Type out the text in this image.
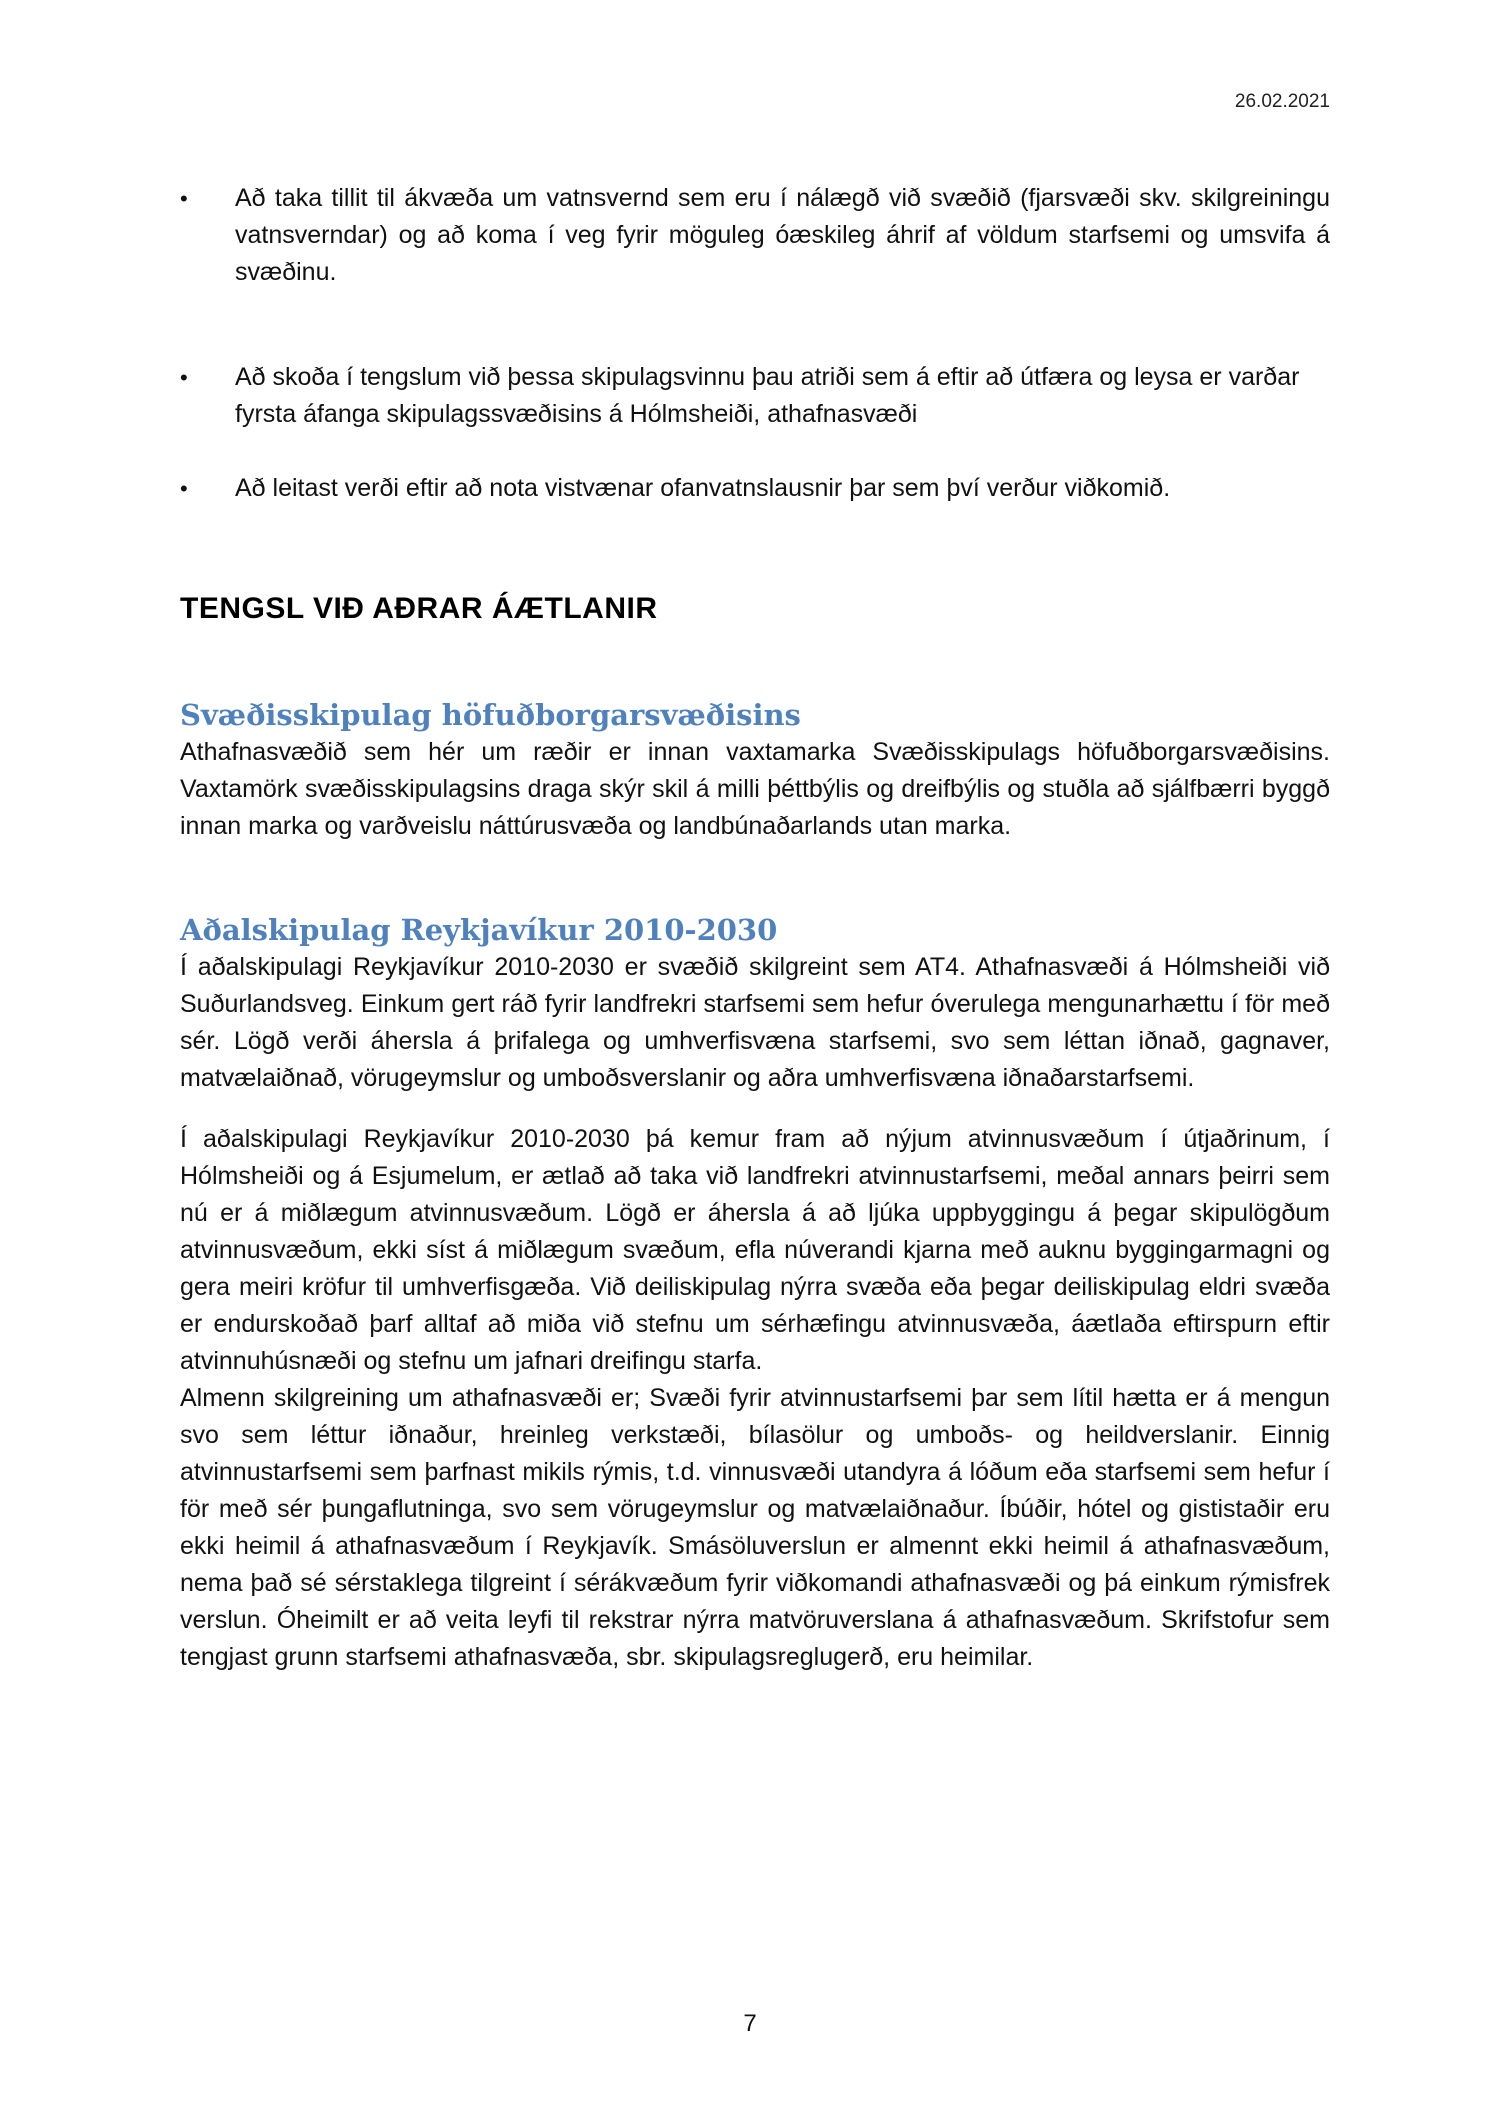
26.02.2021
•	Að taka tillit til ákvæða um vatnsvernd sem eru í nálægð við svæðið (fjarsvæði skv. skilgreiningu vatnsverndar) og að koma í veg fyrir möguleg óæskileg áhrif af völdum starfsemi og umsvifa á svæðinu.
•	Að skoða í tengslum við þessa skipulagsvinnu þau atriði sem á eftir að útfæra og leysa er varðar fyrsta áfanga skipulagssvæðisins á Hólmsheiði, athafnasvæði
•	Að leitast verði eftir að nota vistvænar ofanvatnslausnir þar sem því verður viðkomið.
TENGSL VIÐ AÐRAR ÁÆTLANIR
Svæðisskipulag höfuðborgarsvæðisins

Athafnasvæðið sem hér um ræðir er innan vaxtamarka Svæðisskipulags höfuðborgarsvæðisins. Vaxtamörk svæðisskipulagsins draga skýr skil á milli þéttbýlis og dreifbýlis og stuðla að sjálfbærri byggð innan marka og varðveislu náttúrusvæða og landbúnaðarlands utan marka.

Aðalskipulag Reykjavíkur 2010-2030

Í aðalskipulagi Reykjavíkur 2010-2030 er svæðið skilgreint sem AT4. Athafnasvæði á Hólmsheiði við Suðurlandsveg. Einkum gert ráð fyrir landfrekri starfsemi sem hefur óverulega mengunarhættu í för með sér. Lögð verði áhersla á þrifalega og umhverfisvæna starfsemi, svo sem léttan iðnað, gagnaver, matvælaiðnað, vörugeymslur og umboðsverslanir og aðra umhverfisvæna iðnaðarstarfsemi.

Í aðalskipulagi Reykjavíkur 2010-2030 þá kemur fram að nýjum atvinnusvæðum í útjaðrinum, í Hólmsheiði og á Esjumelum, er ætlað að taka við landfrekri atvinnustarfsemi, meðal annars þeirri sem nú er á miðlægum atvinnusvæðum. Lögð er áhersla á að ljúka uppbyggingu á þegar skipulögðum atvinnusvæðum, ekki síst á miðlægum svæðum, efla núverandi kjarna með auknu byggingarmagni og gera meiri kröfur til umhverfisgæða. Við deiliskipulag nýrra svæða eða þegar deiliskipulag eldri svæða er endurskoðað þarf alltaf að miða við stefnu um sérhæfingu atvinnusvæða, áætlaða eftirspurn eftir atvinnuhúsnæði og stefnu um jafnari dreifingu starfa.

Almenn skilgreining um athafnasvæði er; Svæði fyrir atvinnustarfsemi þar sem lítil hætta er á mengun svo sem léttur iðnaður, hreinleg verkstæði, bílasölur og umboðs- og heildverslanir. Einnig atvinnustarfsemi sem þarfnast mikils rýmis, t.d. vinnusvæði utandyra á lóðum eða starfsemi sem hefur í för með sér þungaflutninga, svo sem vörugeymslur og matvælaiðnaður. Íbúðir, hótel og gististaðir eru ekki heimil á athafnasvæðum í Reykjavík. Smásöluverslun er almennt ekki heimil á athafnasvæðum, nema það sé sérstaklega tilgreint í sérákvæðum fyrir viðkomandi athafnasvæði og þá einkum rýmisfrek verslun. Óheimilt er að veita leyfi til rekstrar nýrra matvöruverslana á athafnasvæðum. Skrifstofur sem tengjast grunn starfsemi athafnasvæða, sbr. skipulagsreglugerð, eru heimilar.

7
